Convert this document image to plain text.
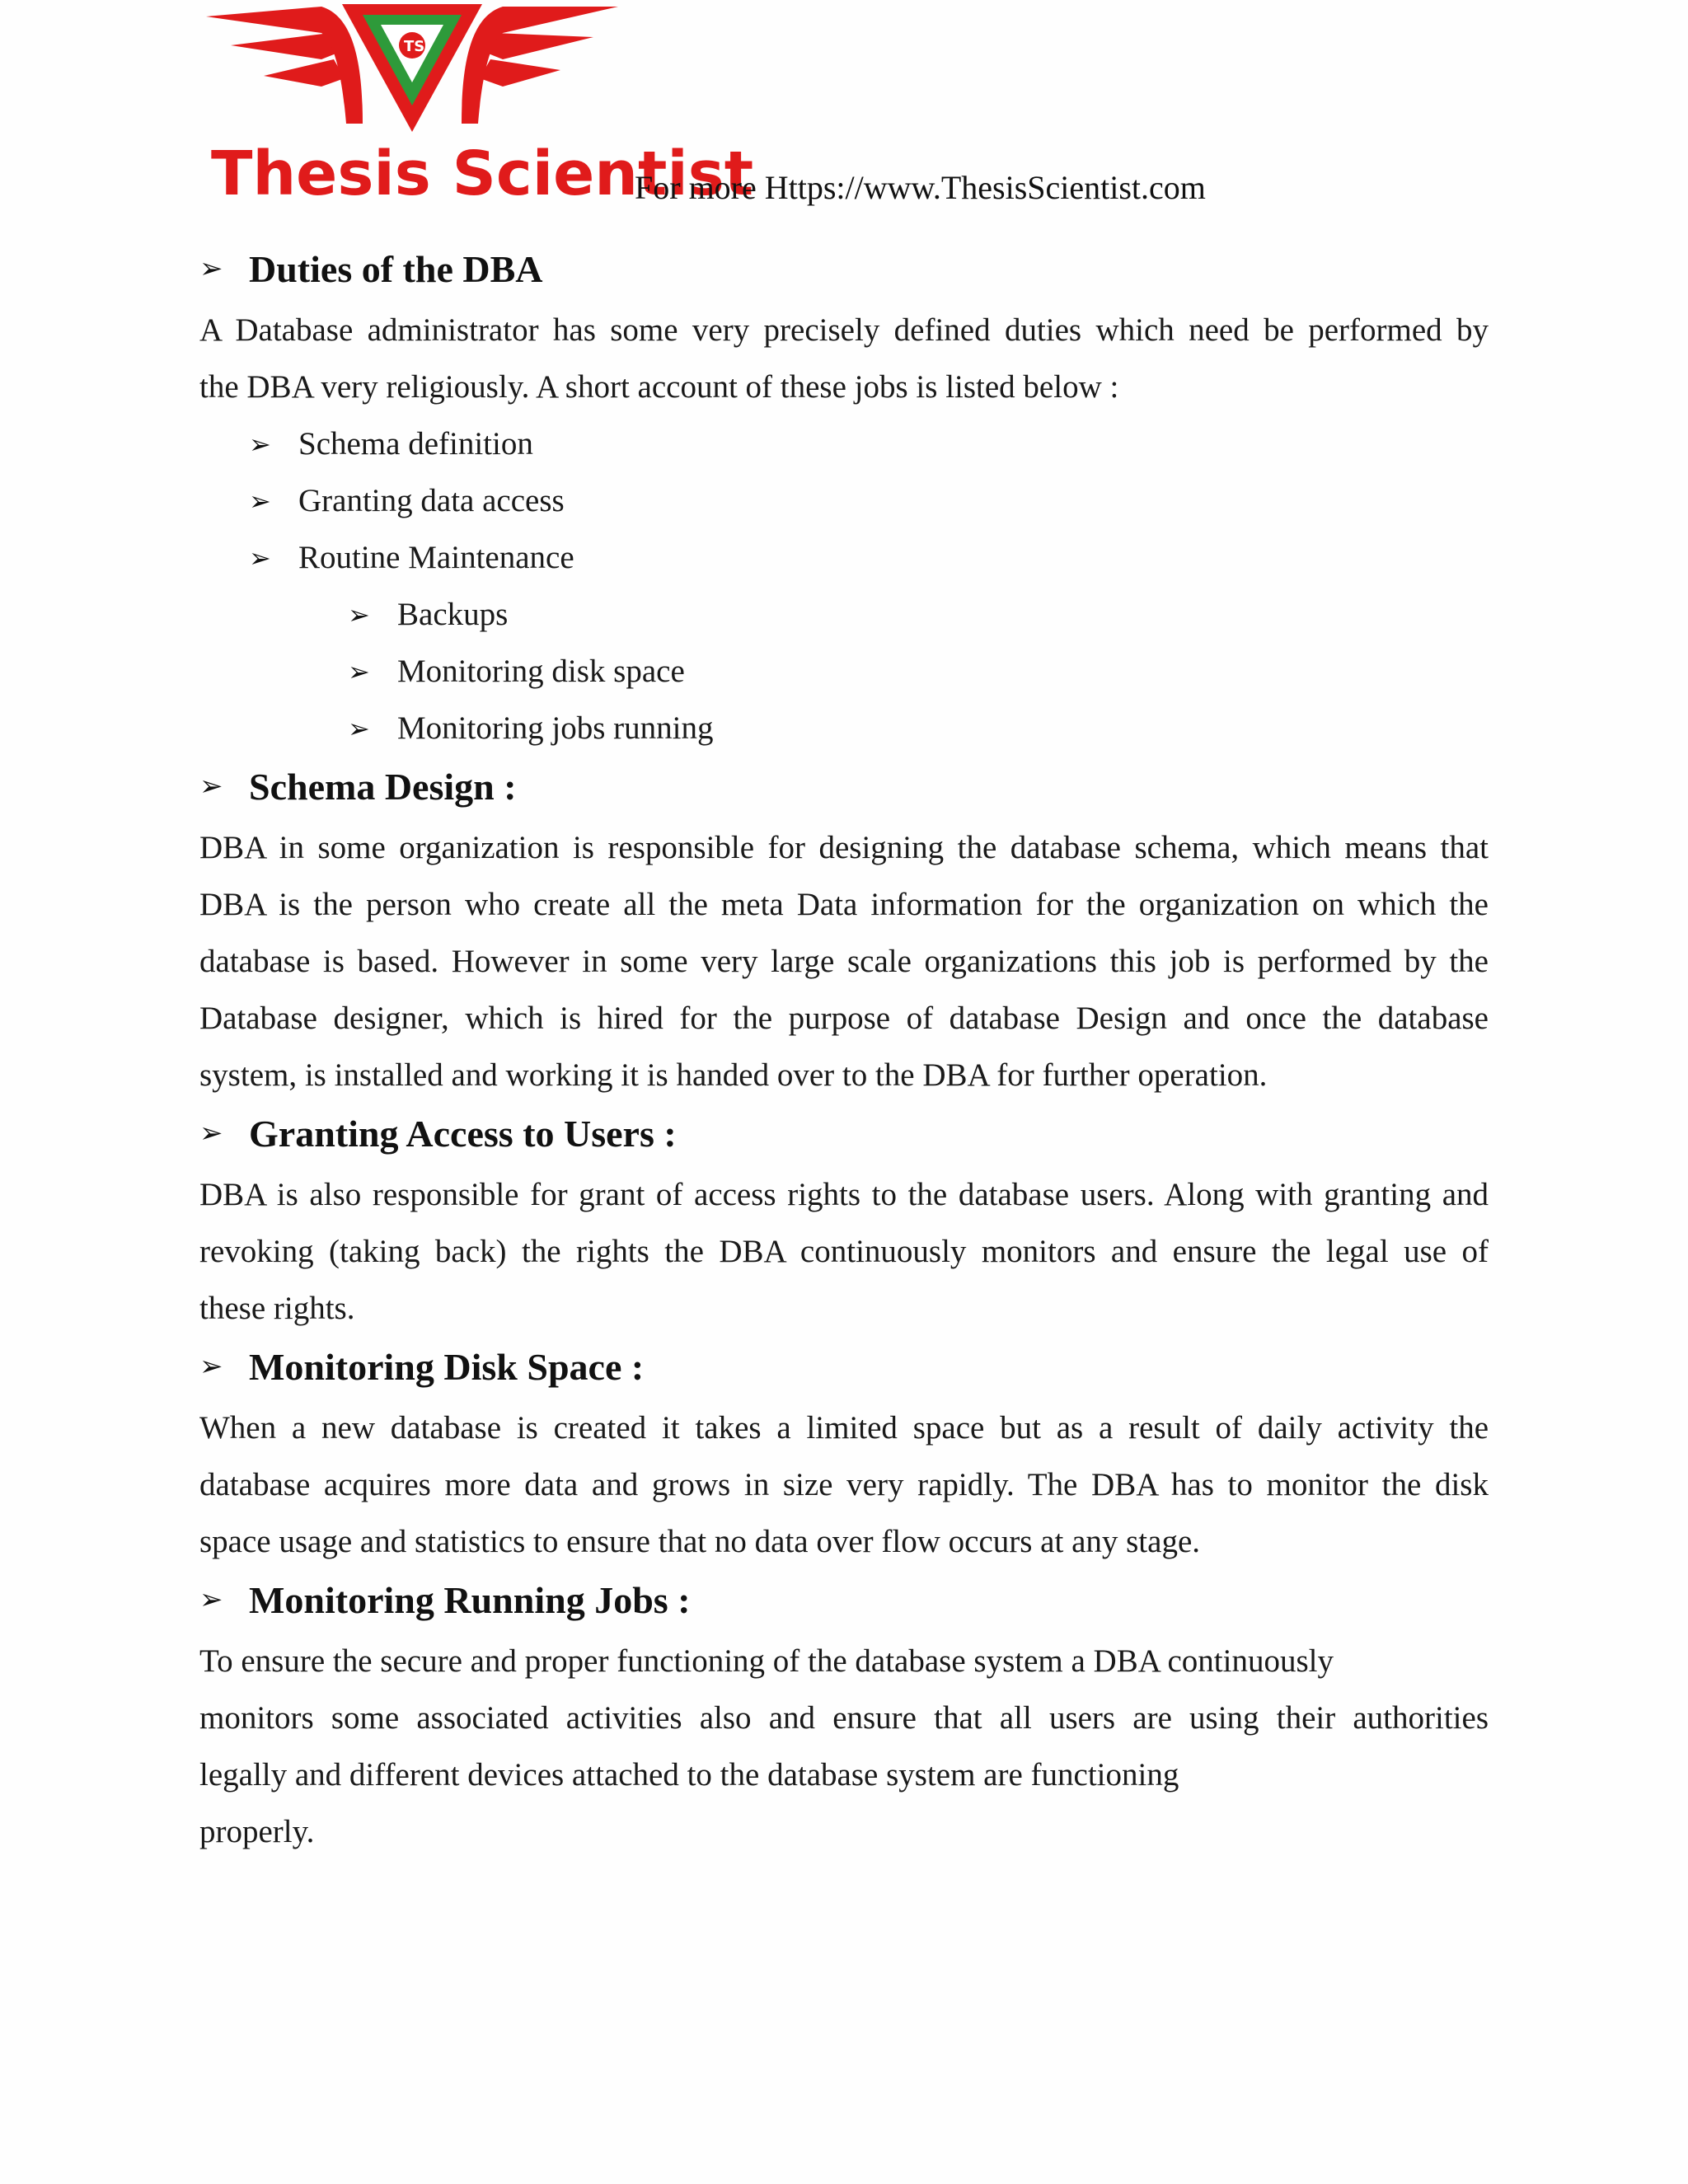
TS
Thesis Scientist
For more Https://www.ThesisScientist.com
➢ Duties of the DBA

A Database administrator has some very precisely defined duties which need be performed by
the DBA very religiously. A short account of these jobs is listed below :

➢ Schema definition
➢ Granting data access
➢ Routine Maintenance
➢ Backups
➢ Monitoring disk space
➢ Monitoring jobs running
➢ Schema Design :

DBA in some organization is responsible for designing the database schema, which means that
DBA is the person who create all the meta Data information for the organization on which the
database is based. However in some very large scale organizations this job is performed by the
Database designer, which is hired for the purpose of database Design and once the database
system, is installed and working it is handed over to the DBA for further operation.

➢ Granting Access to Users :

DBA is also responsible for grant of access rights to the database users. Along with granting and
revoking (taking back) the rights the DBA continuously monitors and ensure the legal use of
these rights.

➢ Monitoring Disk Space :

When a new database is created it takes a limited space but as a result of daily activity the
database acquires more data and grows in size very rapidly. The DBA has to monitor the disk
space usage and statistics to ensure that no data over flow occurs at any stage.

➢ Monitoring Running Jobs :

To ensure the secure and proper functioning of the database system a DBA continuously
monitors some associated activities also and ensure that all users are using their authorities
legally and different devices attached to the database system are functioning
properly.
